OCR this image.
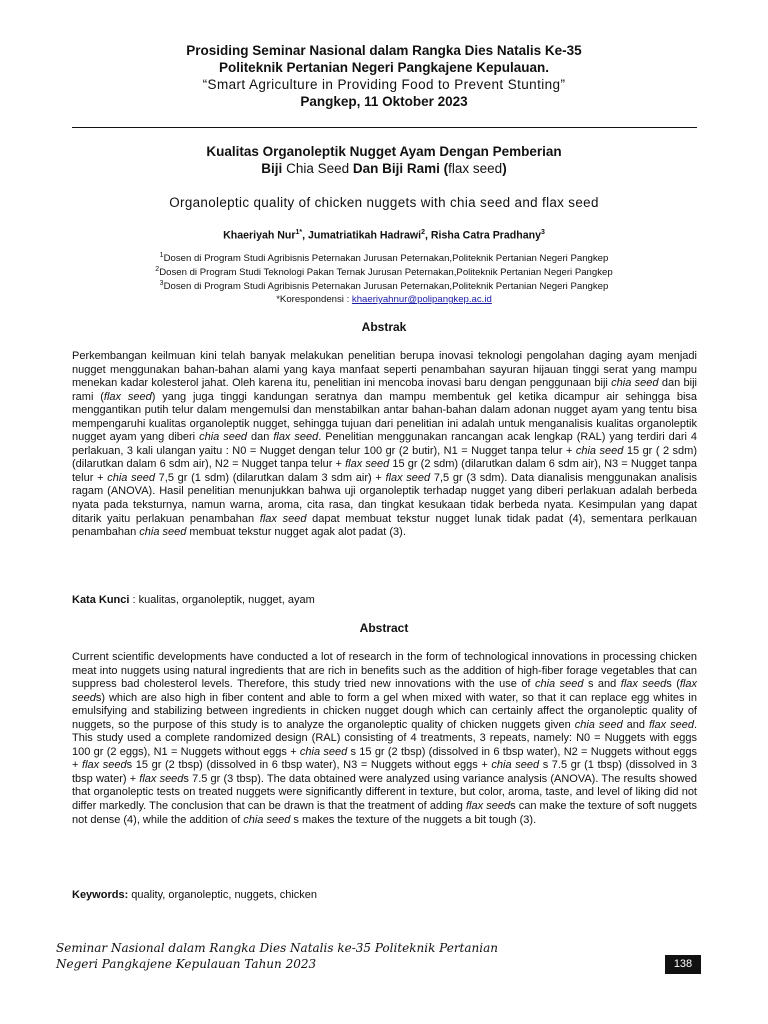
Prosiding Seminar Nasional dalam Rangka Dies Natalis Ke-35
Politeknik Pertanian Negeri Pangkajene Kepulauan.
“Smart Agriculture in Providing Food to Prevent Stunting”
Pangkep, 11 Oktober 2023
Kualitas Organoleptik Nugget Ayam Dengan Pemberian
Biji Chia Seed Dan Biji Rami (flax seed)
Organoleptic quality of chicken nuggets with chia seed and flax seed
Khaeriyah Nur$^{1*}$, Jumatriatikah Hadrawi$^2$, Risha Catra Pradhany$^3$
$^1$Dosen di Program Studi Agribisnis Peternakan Jurusan Peternakan,Politeknik Pertanian Negeri Pangkep
$^2$Dosen di Program Studi Teknologi Pakan Ternak Jurusan Peternakan,Politeknik Pertanian Negeri Pangkep
$^3$Dosen di Program Studi Agribisnis Peternakan Jurusan Peternakan,Politeknik Pertanian Negeri Pangkep
*Korespondensi : khaeriyahnur@polipangkep.ac.id
Abstrak
Perkembangan keilmuan kini telah banyak melakukan penelitian berupa inovasi teknologi pengolahan daging ayam menjadi nugget menggunakan bahan-bahan alami yang kaya manfaat seperti penambahan sayuran hijauan tinggi serat yang mampu menekan kadar kolesterol jahat. Oleh karena itu, penelitian ini mencoba inovasi baru dengan penggunaan biji chia seed dan biji rami (flax seed) yang juga tinggi kandungan seratnya dan mampu membentuk gel ketika dicampur air sehingga bisa menggantikan putih telur dalam mengemulsi dan menstabilkan antar bahan-bahan dalam adonan nugget ayam yang tentu bisa mempengaruhi kualitas organoleptik nugget, sehingga tujuan dari penelitian ini adalah untuk menganalisis kualitas organoleptik nugget ayam yang diberi chia seed dan flax seed. Penelitian menggunakan rancangan acak lengkap (RAL) yang terdiri dari 4 perlakuan, 3 kali ulangan yaitu : N0 = Nugget dengan telur 100 gr (2 butir), N1 = Nugget tanpa telur + chia seed 15 gr ( 2 sdm) (dilarutkan dalam 6 sdm air), N2 = Nugget tanpa telur + flax seed 15 gr (2 sdm) (dilarutkan dalam 6 sdm air), N3 = Nugget tanpa telur + chia seed 7,5 gr (1 sdm) (dilarutkan dalam 3 sdm air) + flax seed 7,5 gr (3 sdm). Data dianalisis menggunakan analisis ragam (ANOVA). Hasil penelitian menunjukkan bahwa uji organoleptik terhadap nugget yang diberi perlakuan adalah berbeda nyata pada teksturnya, namun warna, aroma, cita rasa, dan tingkat kesukaan tidak berbeda nyata. Kesimpulan yang dapat ditarik yaitu perlakuan penambahan flax seed dapat membuat tekstur nugget lunak tidak padat (4), sementara perlkauan penambahan chia seed membuat tekstur nugget agak alot padat (3).
Kata Kunci : kualitas, organoleptik, nugget, ayam
Abstract
Current scientific developments have conducted a lot of research in the form of technological innovations in processing chicken meat into nuggets using natural ingredients that are rich in benefits such as the addition of high-fiber forage vegetables that can suppress bad cholesterol levels. Therefore, this study tried new innovations with the use of chia seed s and flax seeds (flax seeds) which are also high in fiber content and able to form a gel when mixed with water, so that it can replace egg whites in emulsifying and stabilizing between ingredients in chicken nugget dough which can certainly affect the organoleptic quality of nuggets, so the purpose of this study is to analyze the organoleptic quality of chicken nuggets given chia seed and flax seed. This study used a complete randomized design (RAL) consisting of 4 treatments, 3 repeats, namely: N0 = Nuggets with eggs 100 gr (2 eggs), N1 = Nuggets without eggs + chia seed s 15 gr (2 tbsp) (dissolved in 6 tbsp water), N2 = Nuggets without eggs + flax seeds 15 gr (2 tbsp) (dissolved in 6 tbsp water), N3 = Nuggets without eggs + chia seed s 7.5 gr (1 tbsp) (dissolved in 3 tbsp water) + flax seeds 7.5 gr (3 tbsp). The data obtained were analyzed using variance analysis (ANOVA). The results showed that organoleptic tests on treated nuggets were significantly different in texture, but color, aroma, taste, and level of liking did not differ markedly. The conclusion that can be drawn is that the treatment of adding flax seeds can make the texture of soft nuggets not dense (4), while the addition of chia seed s makes the texture of the nuggets a bit tough (3).
Keywords: quality, organoleptic, nuggets, chicken
Seminar Nasional dalam Rangka Dies Natalis ke-35 Politeknik Pertanian
Negeri Pangkajene Kepulauan Tahun 2023	138
